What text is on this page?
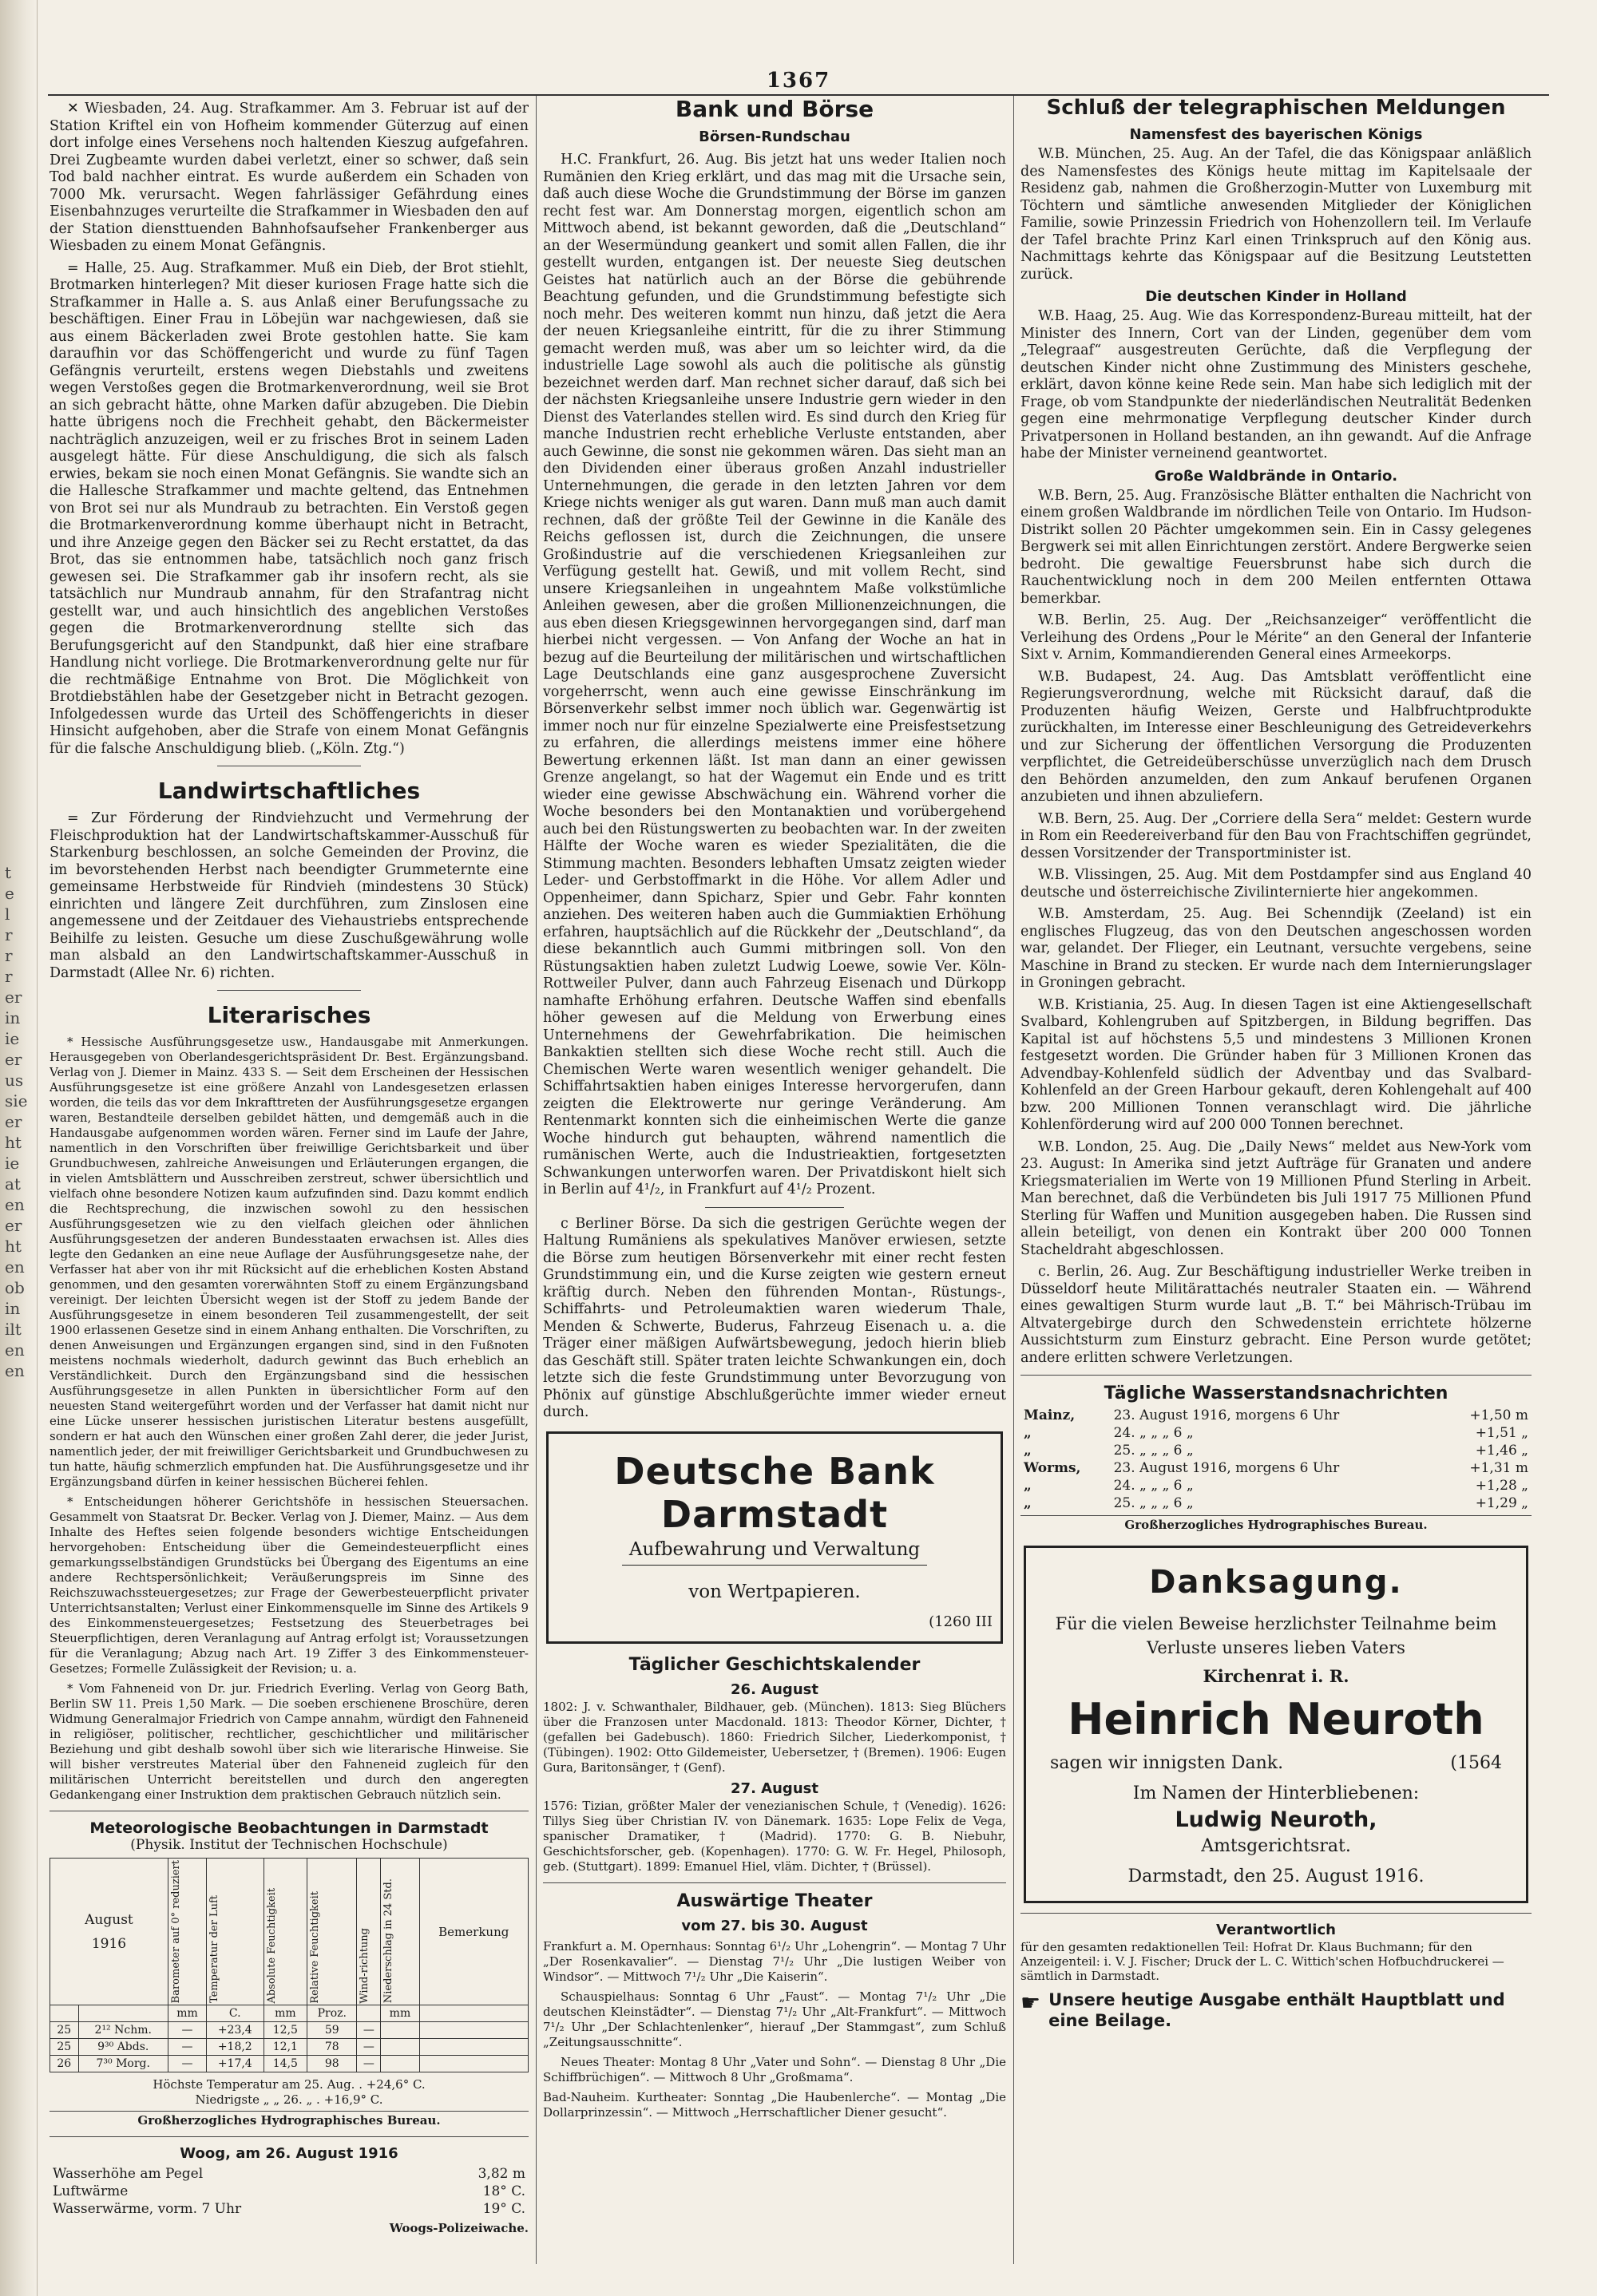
t
e
l
r
r
r
er
in
ie
er
us
sie
er
ht
ie
at
en
er
ht
en
ob
in
ilt
en
en
1367

✕ Wiesbaden, 24. Aug. Strafkammer. Am 3. Februar ist auf der Station Kriftel ein von Hofheim kommender Güterzug auf einen dort infolge eines Versehens noch haltenden Kieszug aufgefahren. Drei Zugbeamte wurden dabei verletzt, einer so schwer, daß sein Tod bald nachher eintrat. Es wurde außerdem ein Schaden von 7000 Mk. verursacht. Wegen fahrlässiger Gefährdung eines Eisenbahnzuges verurteilte die Strafkammer in Wiesbaden den auf der Station diensttuenden Bahnhofsaufseher Frankenberger aus Wiesbaden zu einem Monat Gefängnis.

= Halle, 25. Aug. Strafkammer. Muß ein Dieb, der Brot stiehlt, Brotmarken hinterlegen? Mit dieser kuriosen Frage hatte sich die Strafkammer in Halle a. S. aus Anlaß einer Berufungssache zu beschäftigen. Einer Frau in Löbejün war nachgewiesen, daß sie aus einem Bäckerladen zwei Brote gestohlen hatte. Sie kam daraufhin vor das Schöffengericht und wurde zu fünf Tagen Gefängnis verurteilt, erstens wegen Diebstahls und zweitens wegen Verstoßes gegen die Brotmarkenverordnung, weil sie Brot an sich gebracht hätte, ohne Marken dafür abzugeben. Die Diebin hatte übrigens noch die Frechheit gehabt, den Bäckermeister nachträglich anzuzeigen, weil er zu frisches Brot in seinem Laden ausgelegt hätte. Für diese Anschuldigung, die sich als falsch erwies, bekam sie noch einen Monat Gefängnis. Sie wandte sich an die Hallesche Strafkammer und machte geltend, das Entnehmen von Brot sei nur als Mundraub zu betrachten. Ein Verstoß gegen die Brotmarkenverordnung komme überhaupt nicht in Betracht, und ihre Anzeige gegen den Bäcker sei zu Recht erstattet, da das Brot, das sie entnommen habe, tatsächlich noch ganz frisch gewesen sei. Die Strafkammer gab ihr insofern recht, als sie tatsächlich nur Mundraub annahm, für den Strafantrag nicht gestellt war, und auch hinsichtlich des angeblichen Verstoßes gegen die Brotmarkenverordnung stellte sich das Berufungsgericht auf den Standpunkt, daß hier eine strafbare Handlung nicht vorliege. Die Brotmarkenverordnung gelte nur für die rechtmäßige Entnahme von Brot. Die Möglichkeit von Brotdiebstählen habe der Gesetzgeber nicht in Betracht gezogen. Infolgedessen wurde das Urteil des Schöffengerichts in dieser Hinsicht aufgehoben, aber die Strafe von einem Monat Gefängnis für die falsche Anschuldigung blieb. („Köln. Ztg.“)

Landwirtschaftliches

= Zur Förderung der Rindviehzucht und Vermehrung der Fleischproduktion hat der Landwirtschaftskammer-Ausschuß für Starkenburg beschlossen, an solche Gemeinden der Provinz, die im bevorstehenden Herbst nach beendigter Grummeternte eine gemeinsame Herbstweide für Rindvieh (mindestens 30 Stück) einrichten und längere Zeit durchführen, zum Zinslosen eine angemessene und der Zeitdauer des Viehaustriebs entsprechende Beihilfe zu leisten. Gesuche um diese Zuschußgewährung wolle man alsbald an den Landwirtschaftskammer-Ausschuß in Darmstadt (Allee Nr. 6) richten.

Literarisches

* Hessische Ausführungsgesetze usw., Handausgabe mit Anmerkungen. Herausgegeben von Oberlandesgerichtspräsident Dr. Best. Ergänzungsband. Verlag von J. Diemer in Mainz. 433 S. — Seit dem Erscheinen der Hessischen Ausführungsgesetze ist eine größere Anzahl von Landesgesetzen erlassen worden, die teils das vor dem Inkrafttreten der Ausführungsgesetze ergangen waren, Bestandteile derselben gebildet hätten, und demgemäß auch in die Handausgabe aufgenommen worden wären. Ferner sind im Laufe der Jahre, namentlich in den Vorschriften über freiwillige Gerichtsbarkeit und über Grundbuchwesen, zahlreiche Anweisungen und Erläuterungen ergangen, die in vielen Amtsblättern und Ausschreiben zerstreut, schwer übersichtlich und vielfach ohne besondere Notizen kaum aufzufinden sind. Dazu kommt endlich die Rechtsprechung, die inzwischen sowohl zu den hessischen Ausführungsgesetzen wie zu den vielfach gleichen oder ähnlichen Ausführungsgesetzen der anderen Bundesstaaten erwachsen ist. Alles dies legte den Gedanken an eine neue Auflage der Ausführungsgesetze nahe, der Verfasser hat aber von ihr mit Rücksicht auf die erheblichen Kosten Abstand genommen, und den gesamten vorerwähnten Stoff zu einem Ergänzungsband vereinigt. Der leichten Übersicht wegen ist der Stoff zu jedem Bande der Ausführungsgesetze in einem besonderen Teil zusammengestellt, der seit 1900 erlassenen Gesetze sind in einem Anhang enthalten. Die Vorschriften, zu denen Anweisungen und Ergänzungen ergangen sind, sind in den Fußnoten meistens nochmals wiederholt, dadurch gewinnt das Buch erheblich an Verständlichkeit. Durch den Ergänzungsband sind die hessischen Ausführungsgesetze in allen Punkten in übersichtlicher Form auf den neuesten Stand weitergeführt worden und der Verfasser hat damit nicht nur eine Lücke unserer hessischen juristischen Literatur bestens ausgefüllt, sondern er hat auch den Wünschen einer großen Zahl derer, die jeder Jurist, namentlich jeder, der mit freiwilliger Gerichtsbarkeit und Grundbuchwesen zu tun hatte, häufig schmerzlich empfunden hat. Die Ausführungsgesetze und ihr Ergänzungsband dürfen in keiner hessischen Bücherei fehlen.

* Entscheidungen höherer Gerichtshöfe in hessischen Steuersachen. Gesammelt von Staatsrat Dr. Becker. Verlag von J. Diemer, Mainz. — Aus dem Inhalte des Heftes seien folgende besonders wichtige Entscheidungen hervorgehoben: Entscheidung über die Gemeindesteuerpflicht eines gemarkungsselbständigen Grundstücks bei Übergang des Eigentums an eine andere Rechtspersönlichkeit; Veräußerungspreis im Sinne des Reichszuwachssteuergesetzes; zur Frage der Gewerbesteuerpflicht privater Unterrichtsanstalten; Verlust einer Einkommensquelle im Sinne des Artikels 9 des Einkommensteuergesetzes; Festsetzung des Steuerbetrages bei Steuerpflichtigen, deren Veranlagung auf Antrag erfolgt ist; Voraussetzungen für die Veranlagung; Abzug nach Art. 19 Ziffer 3 des Einkommensteuer-Gesetzes; Formelle Zulässigkeit der Revision; u. a.

* Vom Fahneneid von Dr. jur. Friedrich Everling. Verlag von Georg Bath, Berlin SW 11. Preis 1,50 Mark. — Die soeben erschienene Broschüre, deren Widmung Generalmajor Friedrich von Campe annahm, würdigt den Fahneneid in religiöser, politischer, rechtlicher, geschichtlicher und militärischer Beziehung und gibt deshalb sowohl über sich wie literarische Hinweise. Sie will bisher verstreutes Material über den Fahneneid zugleich für den militärischen Unterricht bereitstellen und durch den angeregten Gedankengang einer Instruktion dem praktischen Gebrauch nützlich sein.

Meteorologische Beobachtungen in Darmstadt
(Physik. Institut der Technischen Hochschule)
August
1916		Barometer auf 0° reduziert	Temperatur der Luft	Absolute Feuchtigkeit	Relative Feuchtigkeit	Wind-richtung	Niederschlag in 24 Std.	Bemerkung
		mm	C.	mm	Proz.		mm	
25	2¹² Nchm.	—	+23,4	12,5	59	—		
25	9³⁰ Abds.	—	+18,2	12,1	78	—		
26	7³⁰ Morg.	—	+17,4	14,5	98	—		
Höchste Temperatur am 25. Aug. . +24,6° C.
Niedrigste „ „ 26. „ . +16,9° C.
Großherzogliches Hydrographisches Bureau.
Woog, am 26. August 1916
Wasserhöhe am Pegel	3,82 m
Luftwärme	18° C.
Wasserwärme, vorm. 7 Uhr	19° C.
Woogs-Polizeiwache.
Bank und Börse
Börsen-Rundschau

H.C. Frankfurt, 26. Aug. Bis jetzt hat uns weder Italien noch Rumänien den Krieg erklärt, und das mag mit die Ursache sein, daß auch diese Woche die Grundstimmung der Börse im ganzen recht fest war. Am Donnerstag morgen, eigentlich schon am Mittwoch abend, ist bekannt geworden, daß die „Deutschland“ an der Wesermündung geankert und somit allen Fallen, die ihr gestellt wurden, entgangen ist. Der neueste Sieg deutschen Geistes hat natürlich auch an der Börse die gebührende Beachtung gefunden, und die Grundstimmung befestigte sich noch mehr. Des weiteren kommt nun hinzu, daß jetzt die Aera der neuen Kriegsanleihe eintritt, für die zu ihrer Stimmung gemacht werden muß, was aber um so leichter wird, da die industrielle Lage sowohl als auch die politische als günstig bezeichnet werden darf. Man rechnet sicher darauf, daß sich bei der nächsten Kriegsanleihe unsere Industrie gern wieder in den Dienst des Vaterlandes stellen wird. Es sind durch den Krieg für manche Industrien recht erhebliche Verluste entstanden, aber auch Gewinne, die sonst nie gekommen wären. Das sieht man an den Dividenden einer überaus großen Anzahl industrieller Unternehmungen, die gerade in den letzten Jahren vor dem Kriege nichts weniger als gut waren. Dann muß man auch damit rechnen, daß der größte Teil der Gewinne in die Kanäle des Reichs geflossen ist, durch die Zeichnungen, die unsere Großindustrie auf die verschiedenen Kriegsanleihen zur Verfügung gestellt hat. Gewiß, und mit vollem Recht, sind unsere Kriegsanleihen in ungeahntem Maße volkstümliche Anleihen gewesen, aber die großen Millionenzeichnungen, die aus eben diesen Kriegsgewinnen hervorgegangen sind, darf man hierbei nicht vergessen. — Von Anfang der Woche an hat in bezug auf die Beurteilung der militärischen und wirtschaftlichen Lage Deutschlands eine ganz ausgesprochene Zuversicht vorgeherrscht, wenn auch eine gewisse Einschränkung im Börsenverkehr selbst immer noch üblich war. Gegenwärtig ist immer noch nur für einzelne Spezialwerte eine Preisfestsetzung zu erfahren, die allerdings meistens immer eine höhere Bewertung erkennen läßt. Ist man dann an einer gewissen Grenze angelangt, so hat der Wagemut ein Ende und es tritt wieder eine gewisse Abschwächung ein. Während vorher die Woche besonders bei den Montanaktien und vorübergehend auch bei den Rüstungswerten zu beobachten war. In der zweiten Hälfte der Woche waren es wieder Spezialitäten, die die Stimmung machten. Besonders lebhaften Umsatz zeigten wieder Leder- und Gerbstoffmarkt in die Höhe. Vor allem Adler und Oppenheimer, dann Spicharz, Spier und Gebr. Fahr konnten anziehen. Des weiteren haben auch die Gummiaktien Erhöhung erfahren, hauptsächlich auf die Rückkehr der „Deutschland“, da diese bekanntlich auch Gummi mitbringen soll. Von den Rüstungsaktien haben zuletzt Ludwig Loewe, sowie Ver. Köln-Rottweiler Pulver, dann auch Fahrzeug Eisenach und Dürkopp namhafte Erhöhung erfahren. Deutsche Waffen sind ebenfalls höher gewesen auf die Meldung von Erwerbung eines Unternehmens der Gewehrfabrikation. Die heimischen Bankaktien stellten sich diese Woche recht still. Auch die Chemischen Werte waren wesentlich weniger gehandelt. Die Schiffahrtsaktien haben einiges Interesse hervorgerufen, dann zeigten die Elektrowerte nur geringe Veränderung. Am Rentenmarkt konnten sich die einheimischen Werte die ganze Woche hindurch gut behaupten, während namentlich die rumänischen Werte, auch die Industrieaktien, fortgesetzten Schwankungen unterworfen waren. Der Privatdiskont hielt sich in Berlin auf 4¹/₂, in Frankfurt auf 4¹/₂ Prozent.

c Berliner Börse. Da sich die gestrigen Gerüchte wegen der Haltung Rumäniens als spekulatives Manöver erwiesen, setzte die Börse zum heutigen Börsenverkehr mit einer recht festen Grundstimmung ein, und die Kurse zeigten wie gestern erneut kräftig durch. Neben den führenden Montan-, Rüstungs-, Schiffahrts- und Petroleumaktien waren wiederum Thale, Menden & Schwerte, Buderus, Fahrzeug Eisenach u. a. die Träger einer mäßigen Aufwärtsbewegung, jedoch hierin blieb das Geschäft still. Später traten leichte Schwankungen ein, doch letzte sich die feste Grundstimmung unter Bevorzugung von Phönix auf günstige Abschlußgerüchte immer wieder erneut durch.

Deutsche Bank Darmstadt
Aufbewahrung und Verwaltung
von Wertpapieren.
(1260 III
Täglicher Geschichtskalender
26. August

1802: J. v. Schwanthaler, Bildhauer, geb. (München). 1813: Sieg Blüchers über die Franzosen unter Macdonald. 1813: Theodor Körner, Dichter, † (gefallen bei Gadebusch). 1860: Friedrich Silcher, Liederkomponist, † (Tübingen). 1902: Otto Gildemeister, Uebersetzer, † (Bremen). 1906: Eugen Gura, Baritonsänger, † (Genf).

27. August

1576: Tizian, größter Maler der venezianischen Schule, † (Venedig). 1626: Tillys Sieg über Christian IV. von Dänemark. 1635: Lope Felix de Vega, spanischer Dramatiker, † (Madrid). 1770: G. B. Niebuhr, Geschichtsforscher, geb. (Kopenhagen). 1770: G. W. Fr. Hegel, Philosoph, geb. (Stuttgart). 1899: Emanuel Hiel, vläm. Dichter, † (Brüssel).

Auswärtige Theater
vom 27. bis 30. August

Frankfurt a. M. Opernhaus: Sonntag 6¹/₂ Uhr „Lohengrin“. — Montag 7 Uhr „Der Rosenkavalier“. — Dienstag 7¹/₂ Uhr „Die lustigen Weiber von Windsor“. — Mittwoch 7¹/₂ Uhr „Die Kaiserin“.

Schauspielhaus: Sonntag 6 Uhr „Faust“. — Montag 7¹/₂ Uhr „Die deutschen Kleinstädter“. — Dienstag 7¹/₂ Uhr „Alt-Frankfurt“. — Mittwoch 7¹/₂ Uhr „Der Schlachtenlenker“, hierauf „Der Stammgast“, zum Schluß „Zeitungsausschnitte“.

Neues Theater: Montag 8 Uhr „Vater und Sohn“. — Dienstag 8 Uhr „Die Schiffbrüchigen“. — Mittwoch 8 Uhr „Großmama“.

Bad-Nauheim. Kurtheater: Sonntag „Die Haubenlerche“. — Montag „Die Dollarprinzessin“. — Mittwoch „Herrschaftlicher Diener gesucht“.

Schluß der telegraphischen Meldungen
Namensfest des bayerischen Königs

W.B. München, 25. Aug. An der Tafel, die das Königspaar anläßlich des Namensfestes des Königs heute mittag im Kapitelsaale der Residenz gab, nahmen die Großherzogin-Mutter von Luxemburg mit Töchtern und sämtliche anwesenden Mitglieder der Königlichen Familie, sowie Prinzessin Friedrich von Hohenzollern teil. Im Verlaufe der Tafel brachte Prinz Karl einen Trinkspruch auf den König aus. Nachmittags kehrte das Königspaar auf die Besitzung Leutstetten zurück.

Die deutschen Kinder in Holland

W.B. Haag, 25. Aug. Wie das Korrespondenz-Bureau mitteilt, hat der Minister des Innern, Cort van der Linden, gegenüber dem vom „Telegraaf“ ausgestreuten Gerüchte, daß die Verpflegung der deutschen Kinder nicht ohne Zustimmung des Ministers geschehe, erklärt, davon könne keine Rede sein. Man habe sich lediglich mit der Frage, ob vom Standpunkte der niederländischen Neutralität Bedenken gegen eine mehrmonatige Verpflegung deutscher Kinder durch Privatpersonen in Holland bestanden, an ihn gewandt. Auf die Anfrage habe der Minister verneinend geantwortet.

Große Waldbrände in Ontario.

W.B. Bern, 25. Aug. Französische Blätter enthalten die Nachricht von einem großen Waldbrande im nördlichen Teile von Ontario. Im Hudson-Distrikt sollen 20 Pächter umgekommen sein. Ein in Cassy gelegenes Bergwerk sei mit allen Einrichtungen zerstört. Andere Bergwerke seien bedroht. Die gewaltige Feuersbrunst habe sich durch die Rauchentwicklung noch in dem 200 Meilen entfernten Ottawa bemerkbar.

W.B. Berlin, 25. Aug. Der „Reichsanzeiger“ veröffentlicht die Verleihung des Ordens „Pour le Mérite“ an den General der Infanterie Sixt v. Arnim, Kommandierenden General eines Armeekorps.

W.B. Budapest, 24. Aug. Das Amtsblatt veröffentlicht eine Regierungsverordnung, welche mit Rücksicht darauf, daß die Produzenten häufig Weizen, Gerste und Halbfruchtprodukte zurückhalten, im Interesse einer Beschleunigung des Getreideverkehrs und zur Sicherung der öffentlichen Versorgung die Produzenten verpflichtet, die Getreideüberschüsse unverzüglich nach dem Drusch den Behörden anzumelden, den zum Ankauf berufenen Organen anzubieten und ihnen abzuliefern.

W.B. Bern, 25. Aug. Der „Corriere della Sera“ meldet: Gestern wurde in Rom ein Reedereiverband für den Bau von Frachtschiffen gegründet, dessen Vorsitzender der Transportminister ist.

W.B. Vlissingen, 25. Aug. Mit dem Postdampfer sind aus England 40 deutsche und österreichische Zivilinternierte hier angekommen.

W.B. Amsterdam, 25. Aug. Bei Schenndijk (Zeeland) ist ein englisches Flugzeug, das von den Deutschen angeschossen worden war, gelandet. Der Flieger, ein Leutnant, versuchte vergebens, seine Maschine in Brand zu stecken. Er wurde nach dem Internierungslager in Groningen gebracht.

W.B. Kristiania, 25. Aug. In diesen Tagen ist eine Aktiengesellschaft Svalbard, Kohlengruben auf Spitzbergen, in Bildung begriffen. Das Kapital ist auf höchstens 5,5 und mindestens 3 Millionen Kronen festgesetzt worden. Die Gründer haben für 3 Millionen Kronen das Advendbay-Kohlenfeld südlich der Adventbay und das Svalbard-Kohlenfeld an der Green Harbour gekauft, deren Kohlengehalt auf 400 bzw. 200 Millionen Tonnen veranschlagt wird. Die jährliche Kohlenförderung wird auf 200 000 Tonnen berechnet.

W.B. London, 25. Aug. Die „Daily News“ meldet aus New-York vom 23. August: In Amerika sind jetzt Aufträge für Granaten und andere Kriegsmaterialien im Werte von 19 Millionen Pfund Sterling in Arbeit. Man berechnet, daß die Verbündeten bis Juli 1917 75 Millionen Pfund Sterling für Waffen und Munition ausgegeben haben. Die Russen sind allein beteiligt, von denen ein Kontrakt über 200 000 Tonnen Stacheldraht abgeschlossen.

c. Berlin, 26. Aug. Zur Beschäftigung industrieller Werke treiben in Düsseldorf heute Militärattachés neutraler Staaten ein. — Während eines gewaltigen Sturm wurde laut „B. T.“ bei Mährisch-Trübau im Altvatergebirge durch den Schwedenstein errichtete hölzerne Aussichtsturm zum Einsturz gebracht. Eine Person wurde getötet; andere erlitten schwere Verletzungen.

Tägliche Wasserstandsnachrichten
Mainz,	23. August 1916, morgens 6 Uhr	+1,50 m
„	24. „ „ „ 6 „	+1,51 „
„	25. „ „ „ 6 „	+1,46 „
Worms,	23. August 1916, morgens 6 Uhr	+1,31 m
„	24. „ „ „ 6 „	+1,28 „
„	25. „ „ „ 6 „	+1,29 „
Großherzogliches Hydrographisches Bureau.
Danksagung.
Für die vielen Beweise herzlichster Teilnahme beim Verluste unseres lieben Vaters
Kirchenrat i. R.
Heinrich Neuroth
sagen wir innigsten Dank.	(1564
Im Namen der Hinterbliebenen:
Ludwig Neuroth,
Amtsgerichtsrat.
Darmstadt, den 25. August 1916.
Verantwortlich

für den gesamten redaktionellen Teil: Hofrat Dr. Klaus Buchmann; für den Anzeigenteil: i. V. J. Fischer; Druck der L. C. Wittich'schen Hofbuchdruckerei — sämtlich in Darmstadt.

☛ Unsere heutige Ausgabe enthält Hauptblatt und eine Beilage.
